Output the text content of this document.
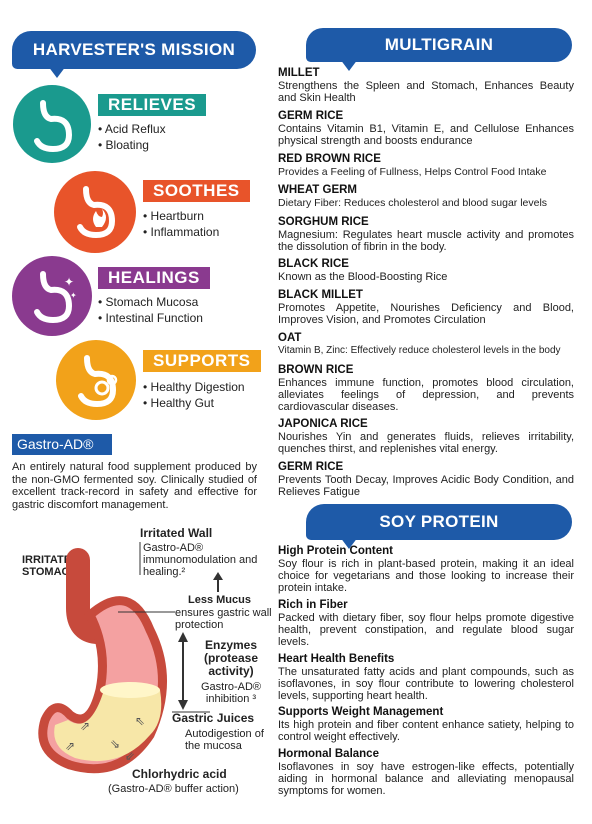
HARVESTER'S MISSION
RELIEVES
• Acid Reflux
• Bloating
SOOTHES
• Heartburn
• Inflammation
✦
✦
HEALINGS
• Stomach Mucosa
• Intestinal Function
SUPPORTS
• Healthy Digestion
• Healthy Gut
Gastro-AD®
An entirely natural food supplement produced by the non-GMO fermented soy. Clinically studied of excellent track-record in safety and effective for gastric discomfort management.
IRRITATED STOMACH
⇗
⇘
⇖
⇗
⇙
Irritated Wall
Gastro-AD® immunomodulation and healing.²
Less Mucus
ensures gastric wall protection
Enzymes (protease activity)
Gastro-AD® inhibition ³
Gastric Juices
Autodigestion of the mucosa
Chlorhydric acid
(Gastro-AD® buffer action)
MULTIGRAIN
MILLET
Strengthens the Spleen and Stomach, Enhances Beauty and Skin Health
GERM RICE
Contains Vitamin B1, Vitamin E, and Cellulose Enhances physical strength and boosts endurance
RED BROWN RICE
Provides a Feeling of Fullness, Helps Control Food Intake
WHEAT GERM
Dietary Fiber: Reduces cholesterol and blood sugar levels
SORGHUM RICE
Magnesium: Regulates heart muscle activity and promotes the dissolution of fibrin in the body.
BLACK RICE
Known as the Blood-Boosting Rice
BLACK MILLET
Promotes Appetite, Nourishes Deficiency and Blood, Improves Vision, and Promotes Circulation
OAT
Vitamin B, Zinc: Effectively reduce cholesterol levels in the body
BROWN RICE
Enhances immune function, promotes blood circulation, alleviates feelings of depression, and prevents cardiovascular diseases.
JAPONICA RICE
Nourishes Yin and generates fluids, relieves irritability, quenches thirst, and replenishes vital energy.
GERM RICE
Prevents Tooth Decay, Improves Acidic Body Condition, and Relieves Fatigue
SOY PROTEIN
High Protein Content
Soy flour is rich in plant-based protein, making it an ideal choice for vegetarians and those looking to increase their protein intake.
Rich in Fiber
Packed with dietary fiber, soy flour helps promote digestive health, prevent constipation, and regulate blood sugar levels.
Heart Health Benefits
The unsaturated fatty acids and plant compounds, such as isoflavones, in soy flour contribute to lowering cholesterol levels, supporting heart health.
Supports Weight Management
Its high protein and fiber content enhance satiety, helping to control weight effectively.
Hormonal Balance
Isoflavones in soy have estrogen-like effects, potentially aiding in hormonal balance and alleviating menopausal symptoms for women.
